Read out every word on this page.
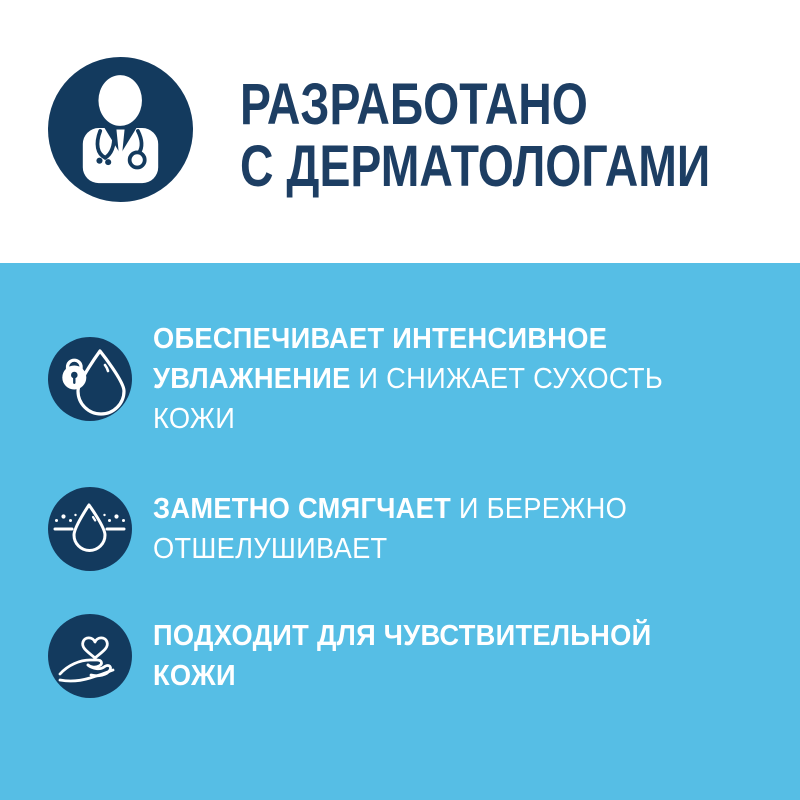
РАЗРАБОТАНО
С ДЕРМАТОЛОГАМИ

ОБЕСПЕЧИВАЕТ ИНТЕНСИВНОЕ УВЛАЖНЕНИЕ И СНИЖАЕТ СУХОСТЬ КОЖИ

ЗАМЕТНО СМЯГЧАЕТ И БЕРЕЖНО ОТШЕЛУШИВАЕТ

ПОДХОДИТ ДЛЯ ЧУВСТВИТЕЛЬНОЙ КОЖИ
